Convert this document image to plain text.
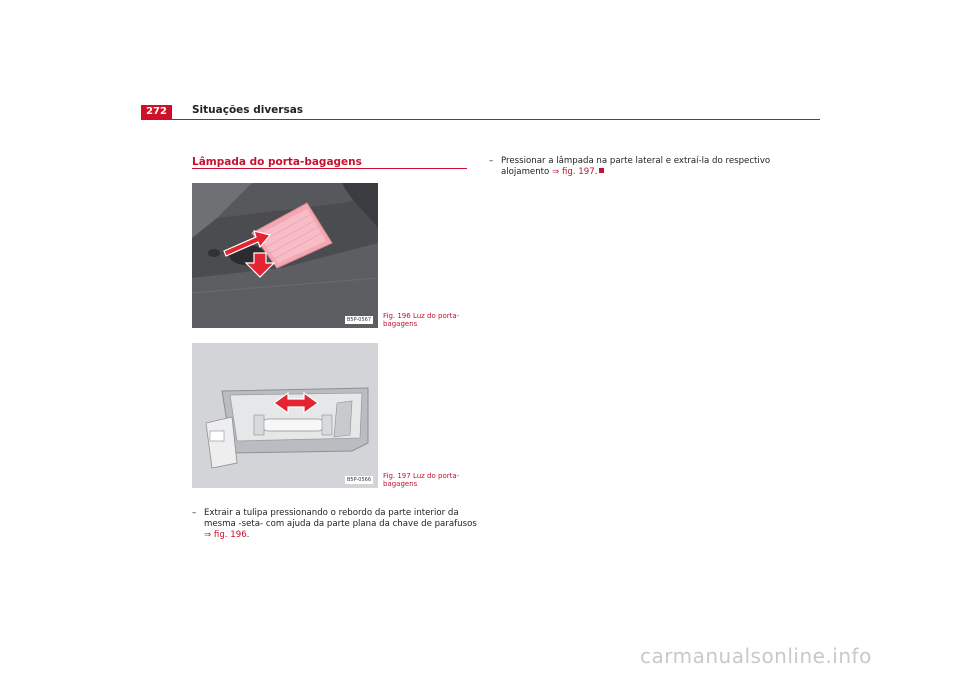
272	Situações diversas
Lâmpada do porta-bagagens
B5P-0567 Fig. 196 Luz do porta-
bagagens
B5P-0566 Fig. 197 Luz do porta-
bagagens
– Extrair a tulipa pressionando o rebordo da parte interior da
mesma -seta- com ajuda da parte plana da chave de parafusos
⇒ fig. 196.
– Pressionar a lâmpada na parte lateral e extraí-la do respectivo
alojamento ⇒ fig. 197.
carmanualsonline.info
